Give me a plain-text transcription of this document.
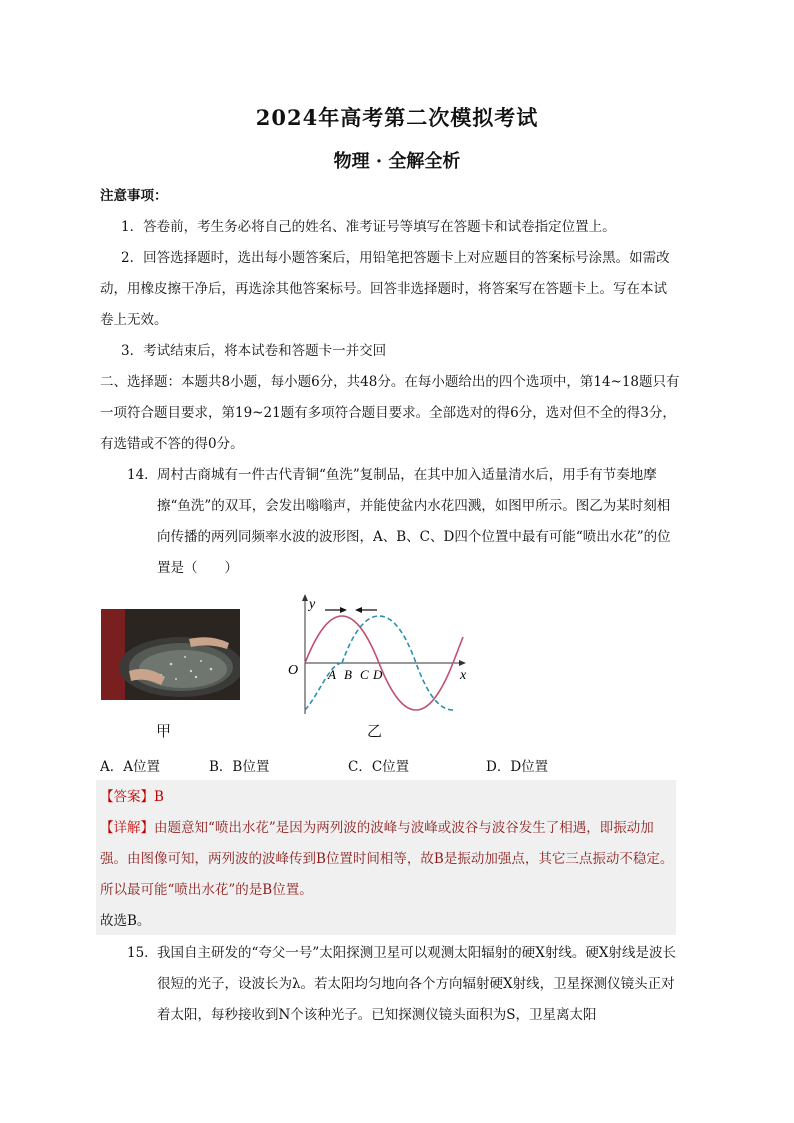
2024年高考第二次模拟考试
物理 · 全解全析

注意事项：

1．答卷前，考生务必将自己的姓名、准考证号等填写在答题卡和试卷指定位置上。

2．回答选择题时，选出每小题答案后，用铅笔把答题卡上对应题目的答案标号涂黑。如需改动，用橡皮擦干净后，再选涂其他答案标号。回答非选择题时，将答案写在答题卡上。写在本试卷上无效。

3．考试结束后，将本试卷和答题卡一并交回

二、选择题：本题共8小题，每小题6分，共48分。在每小题给出的四个选项中，第14~18题只有一项符合题目要求，第19~21题有多项符合题目要求。全部选对的得6分，选对但不全的得3分，有选错或不答的得0分。

14． 周村古商城有一件古代青铜“鱼洗”复制品，在其中加入适量清水后，用手有节奏地摩擦“鱼洗”的双耳，会发出嗡嗡声，并能使盆内水花四溅，如图甲所示。图乙为某时刻相向传播的两列同频率水波的波形图，A、B、C、D四个位置中最有可能“喷出水花”的位置是（　　）
y
x
O A B C D
甲	乙
A．A位置	B．B位置	C．C位置	D．D位置

【答案】B

【详解】由题意知“喷出水花”是因为两列波的波峰与波峰或波谷与波谷发生了相遇，即振动加强。由图像可知，两列波的波峰传到B位置时间相等，故B是振动加强点，其它三点振动不稳定。所以最可能“喷出水花”的是B位置。

故选B。

15． 我国自主研发的“夸父一号”太阳探测卫星可以观测太阳辐射的硬X射线。硬X射线是波长很短的光子，设波长为λ。若太阳均匀地向各个方向辐射硬X射线，卫星探测仪镜头正对着太阳，每秒接收到N个该种光子。已知探测仪镜头面积为S，卫星离太阳
